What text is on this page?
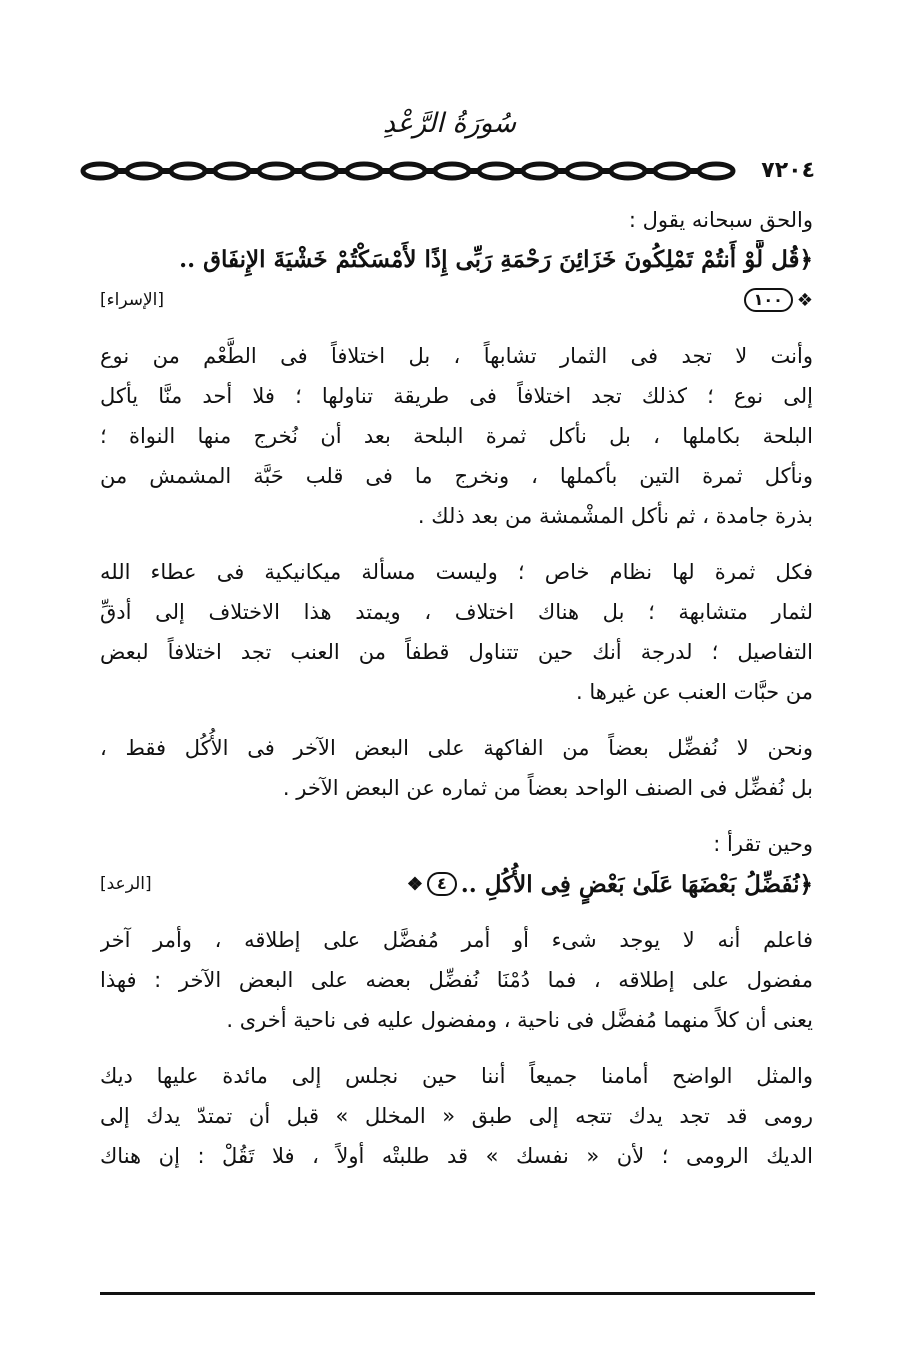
سُورَةُ الرَّعْدِ
٧٢٠٤
والحق سبحانه يقول :
﴿قُل لَّوْ أَنتُمْ تَمْلِكُونَ خَزَائِنَ رَحْمَةِ رَبِّى إِذًا لأَمْسَكْتُمْ خَشْيَةَ الإِنفَاق ..
❖
١٠٠
[الإسراء]
وأنت لا تجد فى الثمار تشابهاً ، بل اختلافاً فى الطَّعْم من نوع
إلى نوع ؛ كذلك تجد اختلافاً فى طريقة تناولها ؛ فلا أحد منَّا يأكل
البلحة بكاملها ، بل نأكل ثمرة البلحة بعد أن نُخرج منها النواة ؛
ونأكل ثمرة التين بأكملها ، ونخرج ما فى قلب حَبَّة المشمش من
بذرة جامدة ، ثم نأكل المشْمشة من بعد ذلك .
فكل ثمرة لها نظام خاص ؛ وليست مسألة ميكانيكية فى عطاء الله
لثمار متشابهة ؛ بل هناك اختلاف ، ويمتد هذا الاختلاف إلى أدقِّ
التفاصيل ؛ لدرجة أنك حين تتناول قطفاً من العنب تجد اختلافاً لبعض
من حبَّات العنب عن غيرها .
ونحن لا نُفضِّل بعضاً من الفاكهة على البعض الآخر فى الأُكُل فقط ،
بل نُفضِّل فى الصنف الواحد بعضاً من ثماره عن البعض الآخر .
وحين تقرأ :
﴿نُفَضِّلُ بَعْضَهَا عَلَىٰ بَعْضٍ فِى الأُكُلِ ..
٤
❖
[الرعد]
فاعلم أنه لا يوجد شىء أو أمر مُفضَّل على إطلاقه ، وأمر آخر
مفضول على إطلاقه ، فما دُمْنَا نُفضِّل بعضه على البعض الآخر : فهذا
يعنى أن كلاً منهما مُفضَّل فى ناحية ، ومفضول عليه فى ناحية أخرى .
والمثل الواضح أمامنا جميعاً أننا حين نجلس إلى مائدة عليها ديك
رومى قد تجد يدك تتجه إلى طبق « المخلل » قبل أن تمتدّ يدك إلى
الديك الرومى ؛ لأن « نفسك » قد طلبتْه أولاً ، فلا تَقُلْ : إن هناك
